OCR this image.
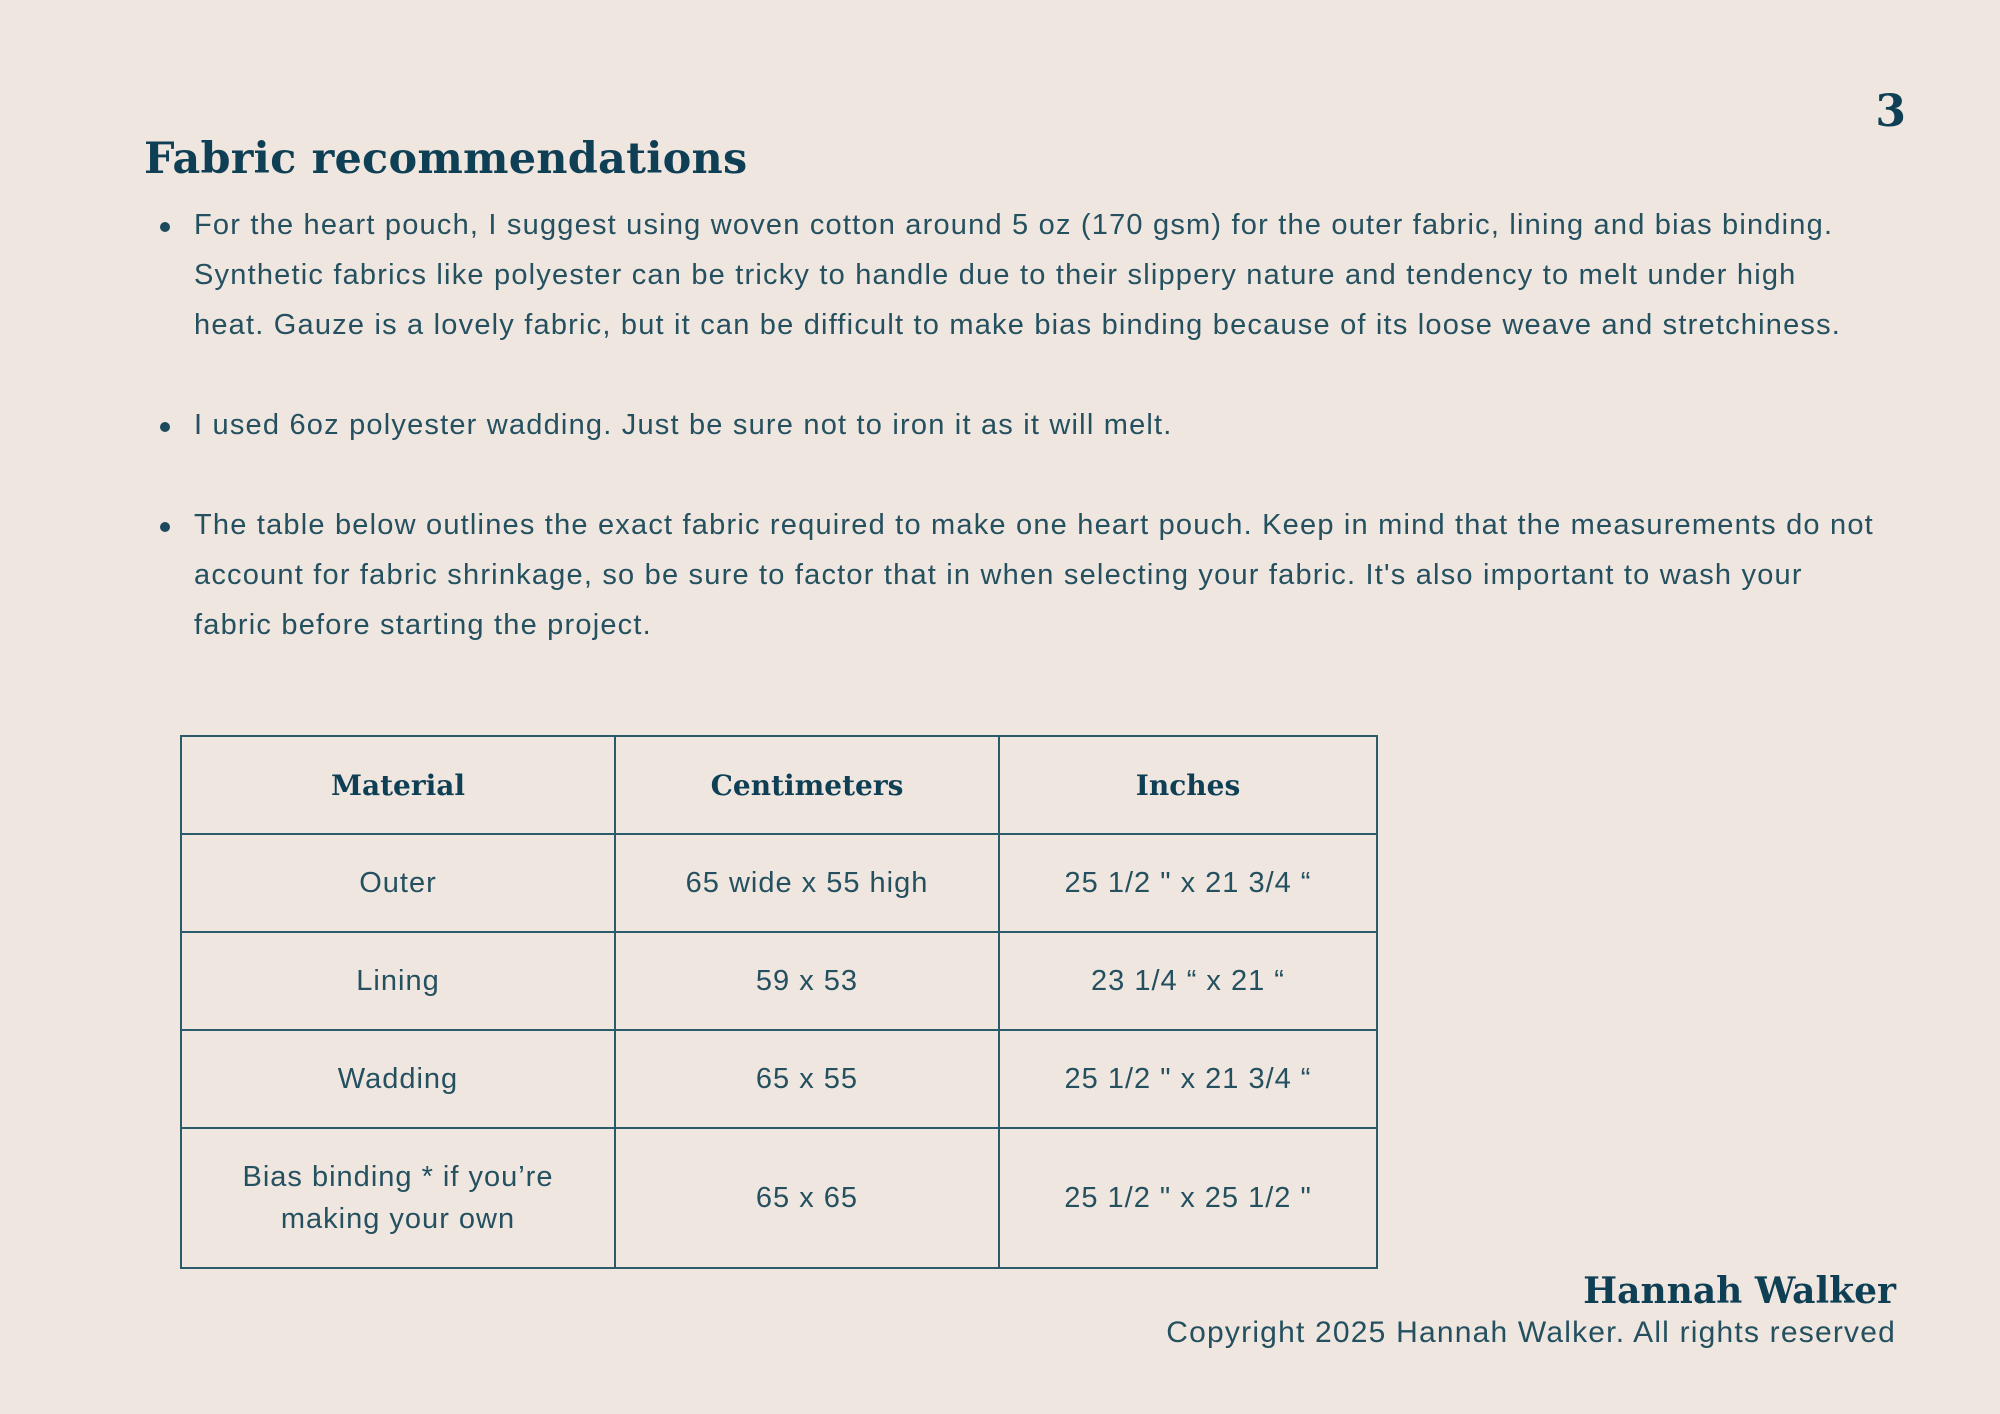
3
Fabric recommendations
For the heart pouch, I suggest using woven cotton around 5 oz (170 gsm) for the outer fabric, lining and bias binding. Synthetic fabrics like polyester can be tricky to handle due to their slippery nature and tendency to melt under high heat. Gauze is a lovely fabric, but it can be difficult to make bias binding because of its loose weave and stretchiness.
I used 6oz polyester wadding. Just be sure not to iron it as it will melt.
The table below outlines the exact fabric required to make one heart pouch. Keep in mind that the measurements do not account for fabric shrinkage, so be sure to factor that in when selecting your fabric. It's also important to wash your fabric before starting the project.
Material	Centimeters	Inches
Outer	65 wide x 55 high	25 1/2 " x 21 3/4 “
Lining	59 x 53	23 1/4 “ x 21 “
Wadding	65 x 55	25 1/2 " x 21 3/4 “
Bias binding * if you’re making your own	65 x 65	25 1/2 " x 25 1/2 "
Hannah Walker
Copyright 2025 Hannah Walker. All rights reserved
